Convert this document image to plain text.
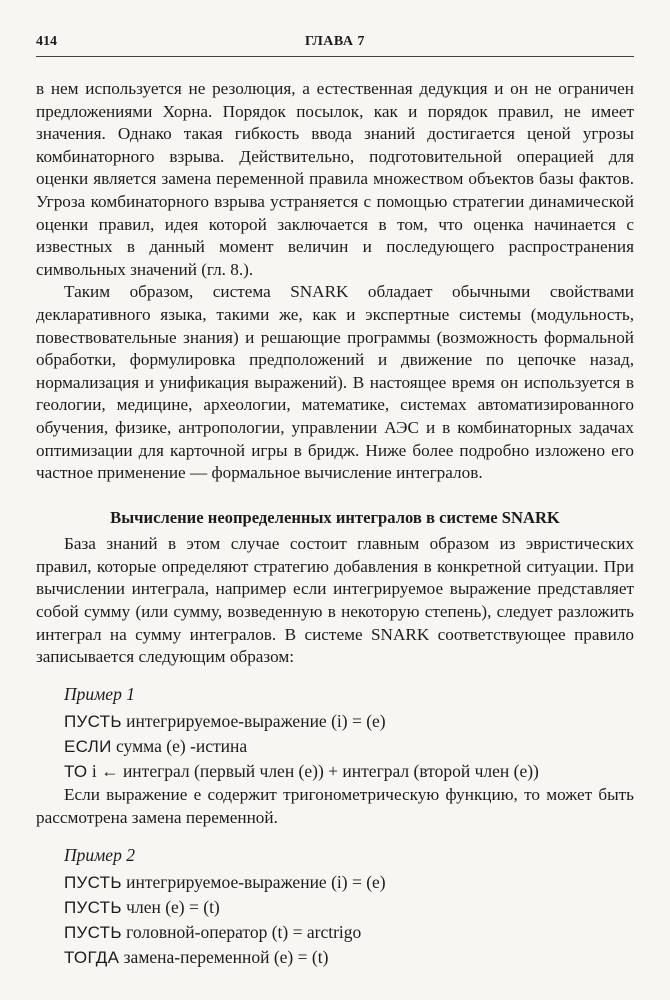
414	ГЛАВА 7

в нем используется не резолюция, а естественная дедукция и он не ограничен предложениями Хорна. Порядок посылок, как и порядок правил, не имеет значения. Однако такая гибкость ввода знаний достигается ценой угрозы комбинаторного взрыва. Действительно, подготовительной операцией для оценки является замена переменной правила множеством объектов базы фактов. Угроза комбинаторного взрыва устраняется с помощью стратегии динамической оценки правил, идея которой заключается в том, что оценка начинается с известных в данный момент величин и последующего распространения символьных значений (гл. 8.).

Таким образом, система SNARK обладает обычными свойствами декларативного языка, такими же, как и экспертные системы (модульность, повествовательные знания) и решающие программы (возможность формальной обработки, формулировка предположений и движение по цепочке назад, нормализация и унификация выражений). В настоящее время он используется в геологии, медицине, археологии, математике, системах автоматизированного обучения, физике, антропологии, управлении АЭС и в комбинаторных задачах оптимизации для карточной игры в бридж. Ниже более подробно изложено его частное применение — формальное вычисление интегралов.

Вычисление неопределенных интегралов в системе SNARK

База знаний в этом случае состоит главным образом из эвристических правил, которые определяют стратегию добавления в конкретной ситуации. При вычислении интеграла, например если интегрируемое выражение представляет собой сумму (или сумму, возведенную в некоторую степень), следует разложить интеграл на сумму интегралов. В системе SNARK соответствующее правило записывается следующим образом:

Пример 1
ПУСТЬ интегрируемое-выражение (i) = (e)
ЕСЛИ сумма (e) -истина
ТО i ← интеграл (первый член (e)) + интеграл (второй член (e))

Если выражение e содержит тригонометрическую функцию, то может быть рассмотрена замена переменной.

Пример 2
ПУСТЬ интегрируемое-выражение (i) = (e)
ПУСТЬ член (e) = (t)
ПУСТЬ головной-оператор (t) = arctrigo
ТОГДА замена-переменной (e) = (t)
